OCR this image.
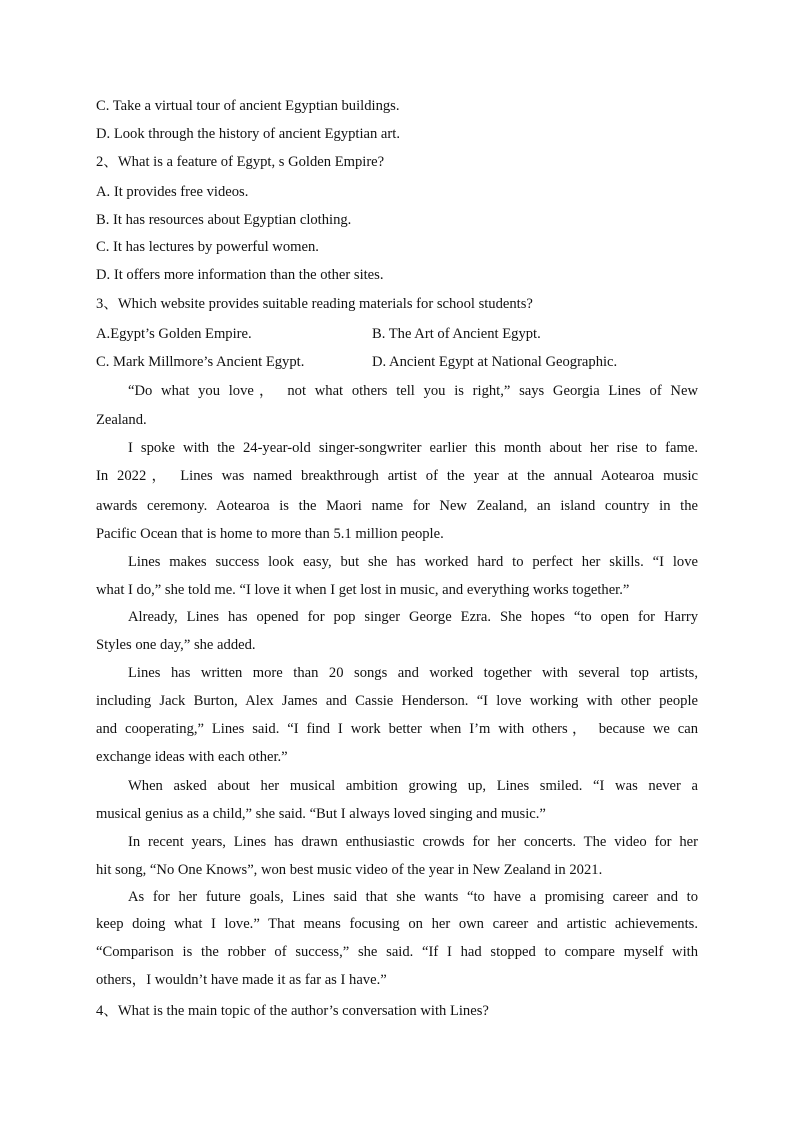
C. Take a virtual tour of ancient Egyptian buildings.
D. Look through the history of ancient Egyptian art.
2、What is a feature of Egypt, s Golden Empire?
A. It provides free videos.
B. It has resources about Egyptian clothing.
C. It has lectures by powerful women.
D. It offers more information than the other sites.
3、Which website provides suitable reading materials for school students?
A.Egypt’s Golden Empire.	B. The Art of Ancient Egypt.
C. Mark Millmore’s Ancient Egypt.	D. Ancient Egypt at National Geographic.
“Do what you love， not what others tell you is right,” says Georgia Lines of New
Zealand.
I spoke with the 24-year-old singer-songwriter earlier this month about her rise to fame.
In 2022， Lines was named breakthrough artist of the year at the annual Aotearoa music
awards ceremony. Aotearoa is the Maori name for New Zealand, an island country in the
Pacific Ocean that is home to more than 5.1 million people.
Lines makes success look easy, but she has worked hard to perfect her skills. “I love
what I do,” she told me. “I love it when I get lost in music, and everything works together.”
Already, Lines has opened for pop singer George Ezra. She hopes “to open for Harry
Styles one day,” she added.
Lines has written more than 20 songs and worked together with several top artists,
including Jack Burton, Alex James and Cassie Henderson. “I love working with other people
and cooperating,” Lines said. “I find I work better when I’m with others， because we can
exchange ideas with each other.”
When asked about her musical ambition growing up, Lines smiled. “I was never a
musical genius as a child,” she said. “But I always loved singing and music.”
In recent years, Lines has drawn enthusiastic crowds for her concerts. The video for her
hit song, “No One Knows”, won best music video of the year in New Zealand in 2021.
As for her future goals, Lines said that she wants “to have a promising career and to
keep doing what I love.” That means focusing on her own career and artistic achievements.
“Comparison is the robber of success,” she said. “If I had stopped to compare myself with
others，I wouldn’t have made it as far as I have.”
4、What is the main topic of the author’s conversation with Lines?
